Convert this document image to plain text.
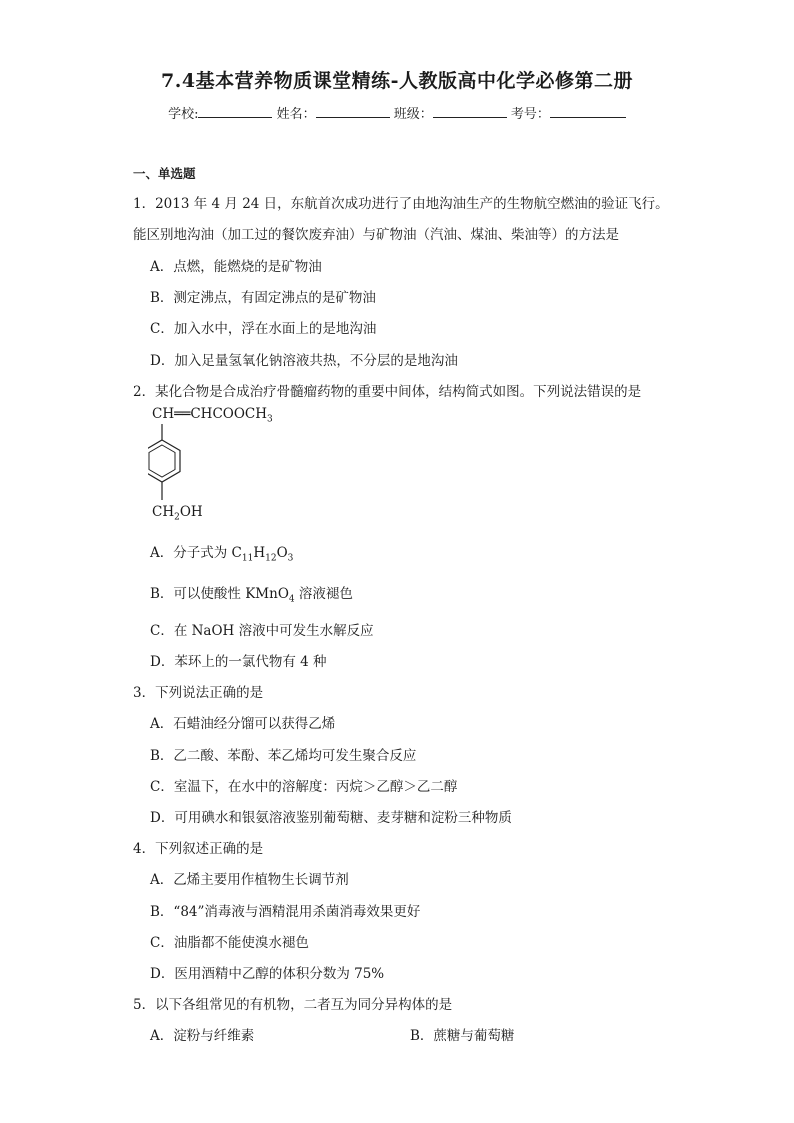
7.4基本营养物质课堂精练-人教版高中化学必修第二册
学校:	姓名：	班级：	考号：
一、单选题
1．2013 年 4 月 24 日，东航首次成功进行了由地沟油生产的生物航空燃油的验证飞行。
能区别地沟油（加工过的餐饮废弃油）与矿物油（汽油、煤油、柴油等）的方法是
A．点燃，能燃烧的是矿物油
B．测定沸点，有固定沸点的是矿物油
C．加入水中，浮在水面上的是地沟油
D．加入足量氢氧化钠溶液共热，不分层的是地沟油
2．某化合物是合成治疗骨髓瘤药物的重要中间体，结构简式如图。下列说法错误的是
$CH══CHCOOCH_3$
$CH_2OH$
A．分子式为 $C_{11}H_{12}O_3$
B．可以使酸性 KMnO$_4$ 溶液褪色
C．在 NaOH 溶液中可发生水解反应
D．苯环上的一氯代物有 4 种
3．下列说法正确的是
A．石蜡油经分馏可以获得乙烯
B．乙二酸、苯酚、苯乙烯均可发生聚合反应
C．室温下，在水中的溶解度：丙烷＞乙醇＞乙二醇
D．可用碘水和银氨溶液鉴别葡萄糖、麦芽糖和淀粉三种物质
4．下列叙述正确的是
A．乙烯主要用作植物生长调节剂
B．“84”消毒液与酒精混用杀菌消毒效果更好
C．油脂都不能使溴水褪色
D．医用酒精中乙醇的体积分数为 75%
5．以下各组常见的有机物，二者互为同分异构体的是
A．淀粉与纤维素	B．蔗糖与葡萄糖
